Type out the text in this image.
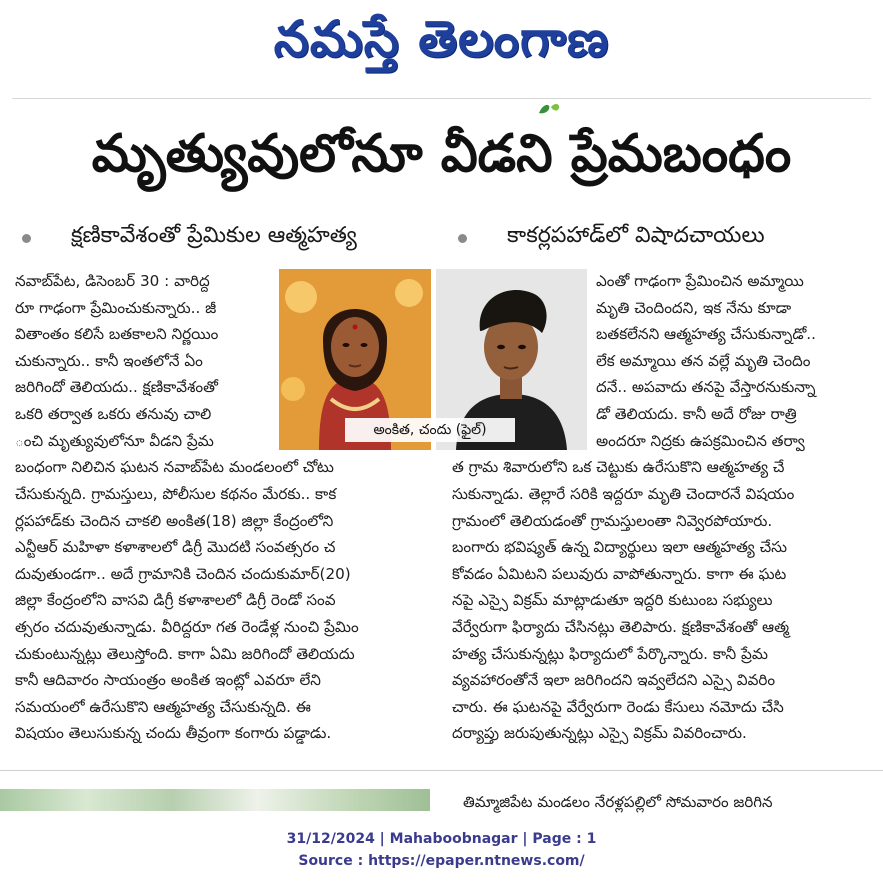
నమస్తే తెలంగాణ
మృత్యువులోనూ వీడని ప్రేమబంధం
క్షణికావేశంతో ప్రేమికుల ఆత్మహత్య	కాకర్లపహాడ్‌లో విషాదచాయలు
నవాబ్‌పేట, డిసెంబర్ 30 : వారిద్ద
రూ గాఢంగా ప్రేమించుకున్నారు.. జీ
వితాంతం కలిసే బతకాలని నిర్ణయిం
చుకున్నారు.. కానీ ఇంతలోనే ఏం
జరిగిందో తెలియదు.. క్షణికావేశంతో
ఒకరి తర్వాత ఒకరు తనువు చాలి
ంచి మృత్యువులోనూ వీడని ప్రేమ
బంధంగా నిలిచిన ఘటన నవాబ్‌పేట మండలంలో చోటు
అంకిత, చందు (ఫైల్)
ఎంతో గాఢంగా ప్రేమించిన అమ్మాయి
మృతి చెందిందని, ఇక నేను కూడా
బతకలేనని ఆత్మహత్య చేసుకున్నాడో..
లేక అమ్మాయి తన వల్లే మృతి చెందిం
దనే.. అపవాదు తనపై వేస్తారనుకున్నా
డో తెలియదు. కానీ అదే రోజు రాత్రి
అందరూ నిద్రకు ఉపక్రమించిన తర్వా
త గ్రామ శివారులోని ఒక చెట్టుకు ఉరేసుకొని ఆత్మహత్య చే
చేసుకున్నది. గ్రామస్తులు, పోలీసుల కథనం మేరకు.. కాక
ర్లపహాడ్‌కు చెందిన చాకలి అంకిత(18) జిల్లా కేంద్రంలోని
ఎన్టీఆర్ మహిళా కళాశాలలో డిగ్రీ మొదటి సంవత్సరం చ
దువుతుండగా.. అదే గ్రామానికి చెందిన చందుకుమార్(20)
జిల్లా కేంద్రంలోని వాసవి డిగ్రీ కళాశాలలో డిగ్రీ రెండో సంవ
త్సరం చదువుతున్నాడు. వీరిద్దరూ గత రెండేళ్ల నుంచి ప్రేమిం
చుకుంటున్నట్లు తెలుస్తోంది. కాగా ఏమి జరిగిందో తెలియదు
కానీ ఆదివారం సాయంత్రం అంకిత ఇంట్లో ఎవరూ లేని
సమయంలో ఉరేసుకొని ఆత్మహత్య చేసుకున్నది. ఈ
విషయం తెలుసుకున్న చందు తీవ్రంగా కంగారు పడ్డాడు.
సుకున్నాడు. తెల్లారే సరికి ఇద్దరూ మృతి చెందారనే విషయం
గ్రామంలో తెలియడంతో గ్రామస్తులంతా నివ్వెరపోయారు.
బంగారు భవిష్యత్ ఉన్న విద్యార్థులు ఇలా ఆత్మహత్య చేసు
కోవడం ఏమిటని పలువురు వాపోతున్నారు. కాగా ఈ ఘట
నపై ఎస్సై విక్రమ్ మాట్లాడుతూ ఇద్దరి కుటుంబ సభ్యులు
వేర్వేరుగా ఫిర్యాదు చేసినట్లు తెలిపారు. క్షణికావేశంతో ఆత్మ
హత్య చేసుకున్నట్లు ఫిర్యాదులో పేర్కొన్నారు. కానీ ప్రేమ
వ్యవహారంతోనే ఇలా జరిగిందని ఇవ్వలేదని ఎస్సై వివరిం
చారు. ఈ ఘటనపై వేర్వేరుగా రెండు కేసులు నమోదు చేసి
దర్యాప్తు జరుపుతున్నట్లు ఎస్సై విక్రమ్ వివరించారు.
తిమ్మాజిపేట మండలం నేరళ్లపల్లిలో సోమవారం జరిగిన
31/12/2024 | Mahaboobnagar | Page : 1
Source : https://epaper.ntnews.com/
